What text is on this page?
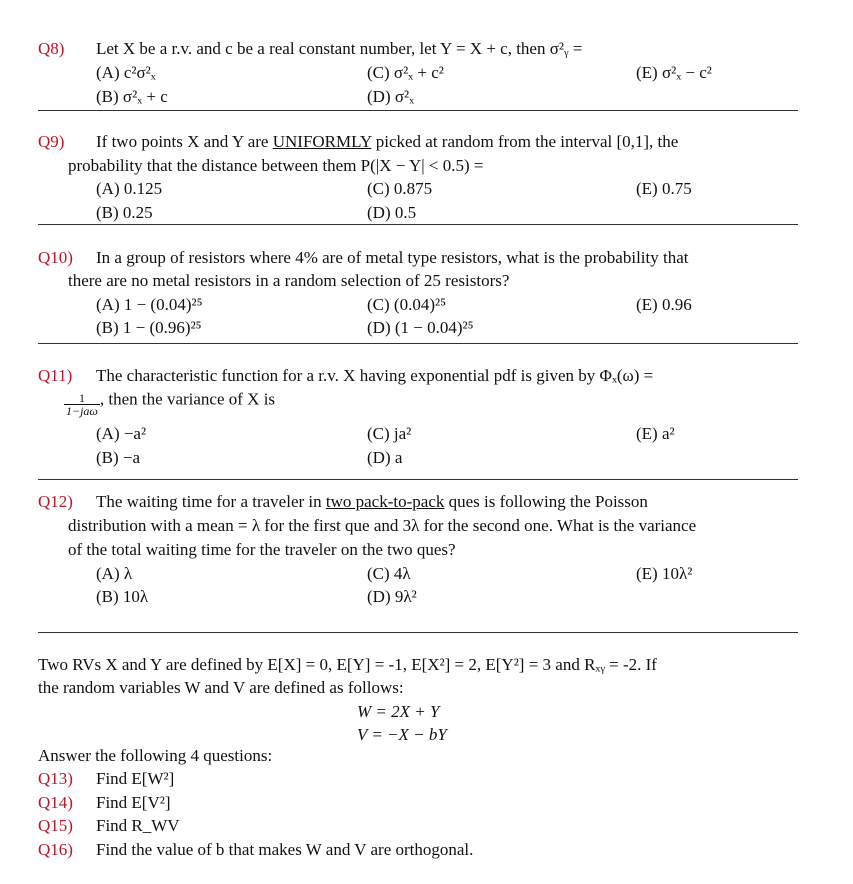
Q8) Let X be a r.v. and c be a real constant number, let Y = X + c, then σ²ᵧ =
(A) c²σ²ₓ	(C) σ²ₓ + c²	(E) σ²ₓ − c²
(B) σ²ₓ + c	(D) σ²ₓ
Q9) If two points X and Y are UNIFORMLY picked at random from the interval [0,1], the
probability that the distance between them P(|X − Y| < 0.5) =
(A) 0.125	(C) 0.875	(E) 0.75
(B) 0.25	(D) 0.5
Q10) In a group of resistors where 4% are of metal type resistors, what is the probability that
there are no metal resistors in a random selection of 25 resistors?
(A) 1 − (0.04)²⁵	(C) (0.04)²⁵	(E) 0.96
(B) 1 − (0.96)²⁵	(D) (1 − 0.04)²⁵
Q11) The characteristic function for a r.v. X having exponential pdf is given by Φₓ(ω) =
$\frac{1}{\text{1−jaω}}$ , then the variance of X is
(A) −a²	(C) ja²	(E) a²
(B) −a	(D) a
Q12) The waiting time for a traveler in two pack-to-pack ques is following the Poisson
distribution with a mean = λ for the first que and 3λ for the second one. What is the variance
of the total waiting time for the traveler on the two ques?
(A) λ	(C) 4λ	(E) 10λ²
(B) 10λ	(D) 9λ²
Two RVs X and Y are defined by E[X] = 0, E[Y] = -1, E[X²] = 2, E[Y²] = 3 and Rₓᵧ = -2. If
the random variables W and V are defined as follows:
W = 2X + Y
V = −X − bY
Answer the following 4 questions:
Q13) Find E[W²]
Q14) Find E[V²]
Q15) Find R_WV
Q16) Find the value of b that makes W and V are orthogonal.
